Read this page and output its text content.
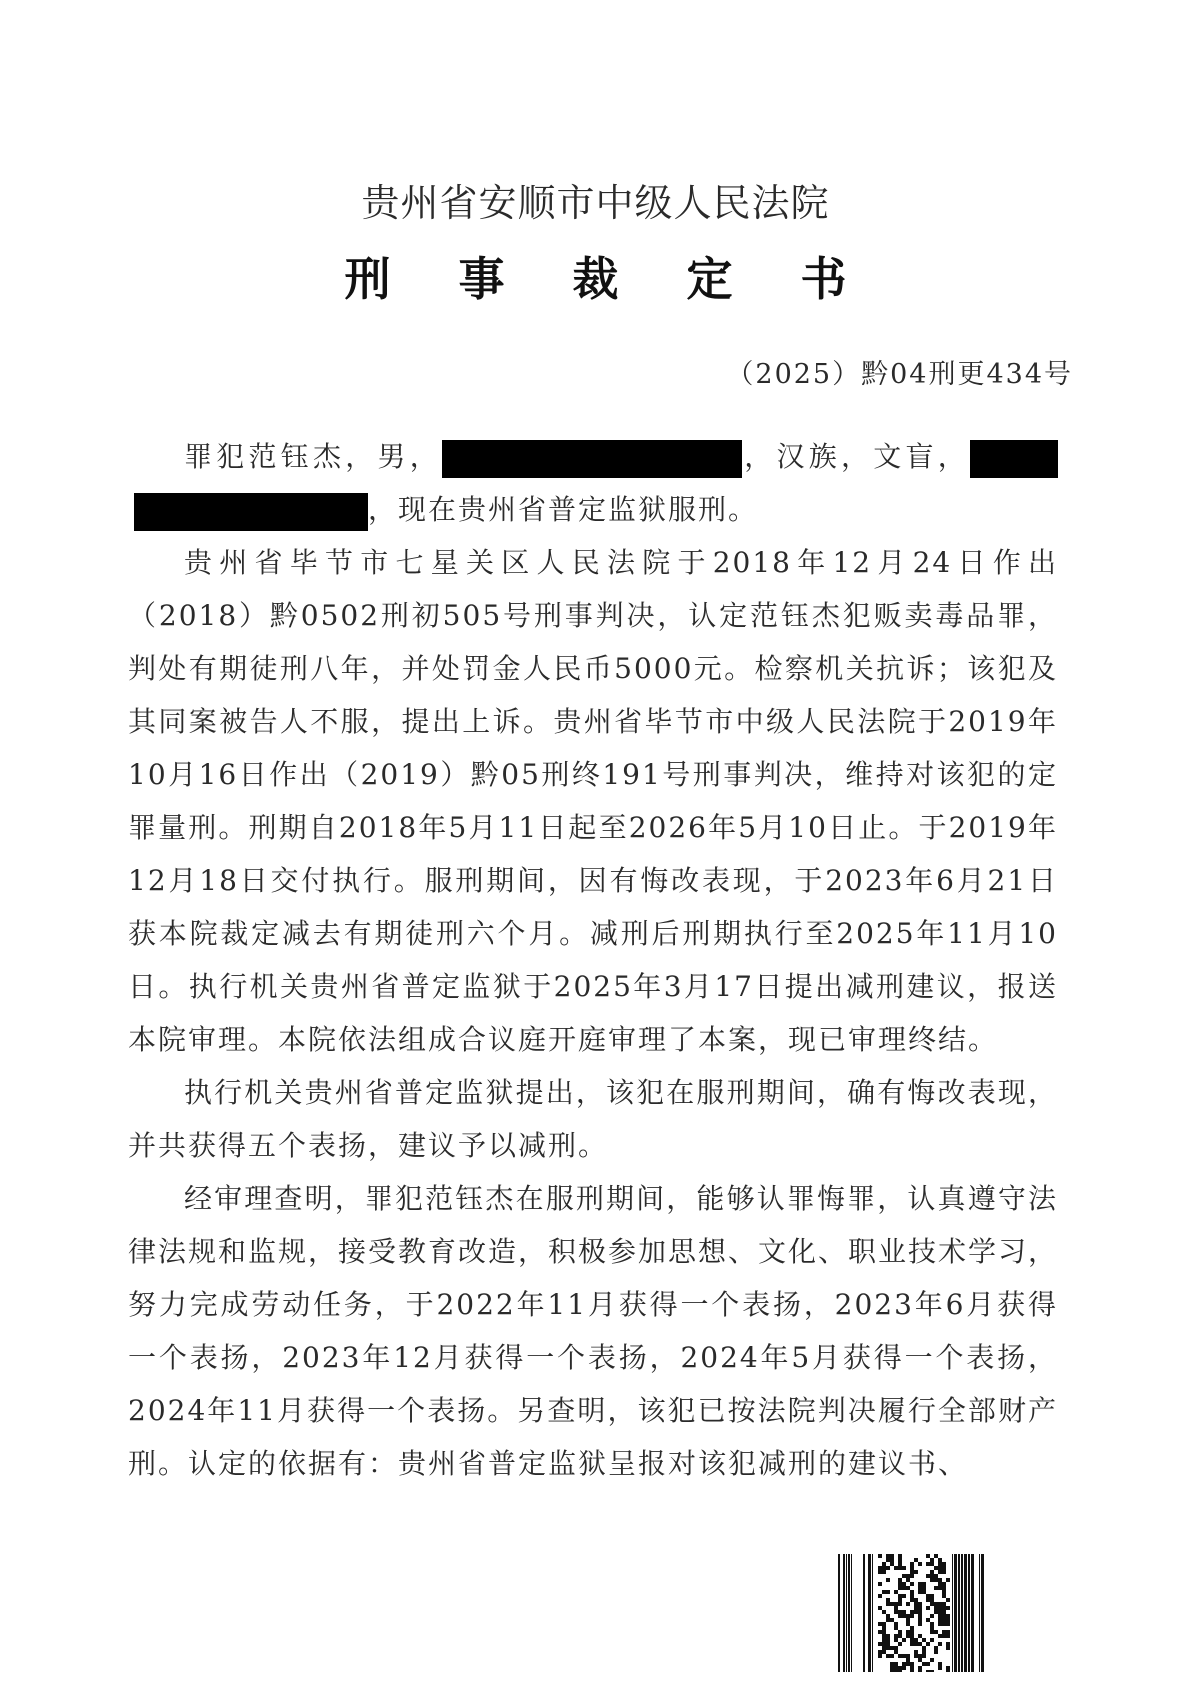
贵州省安顺市中级人民法院
刑事裁定书
（2025）黔04刑更434号

罪犯范钰杰，男，	，汉族，文盲，，现在贵州省普定监狱服刑。

贵州省毕节市七星关区人民法院于2018年12月24日作出（2018）黔0502刑初505号刑事判决，认定范钰杰犯贩卖毒品罪，判处有期徒刑八年，并处罚金人民币5000元。检察机关抗诉；该犯及其同案被告人不服，提出上诉。贵州省毕节市中级人民法院于2019年10月16日作出（2019）黔05刑终191号刑事判决，维持对该犯的定罪量刑。刑期自2018年5月11日起至2026年5月10日止。于2019年12月18日交付执行。服刑期间，因有悔改表现，于2023年6月21日获本院裁定减去有期徒刑六个月。减刑后刑期执行至2025年11月10日。执行机关贵州省普定监狱于2025年3月17日提出减刑建议，报送本院审理。本院依法组成合议庭开庭审理了本案，现已审理终结。

执行机关贵州省普定监狱提出，该犯在服刑期间，确有悔改表现，并共获得五个表扬，建议予以减刑。

经审理查明，罪犯范钰杰在服刑期间，能够认罪悔罪，认真遵守法律法规和监规，接受教育改造，积极参加思想、文化、职业技术学习，努力完成劳动任务，于2022年11月获得一个表扬，2023年6月获得一个表扬，2023年12月获得一个表扬，2024年5月获得一个表扬，2024年11月获得一个表扬。另查明，该犯已按法院判决履行全部财产刑。认定的依据有：贵州省普定监狱呈报对该犯减刑的建议书、
